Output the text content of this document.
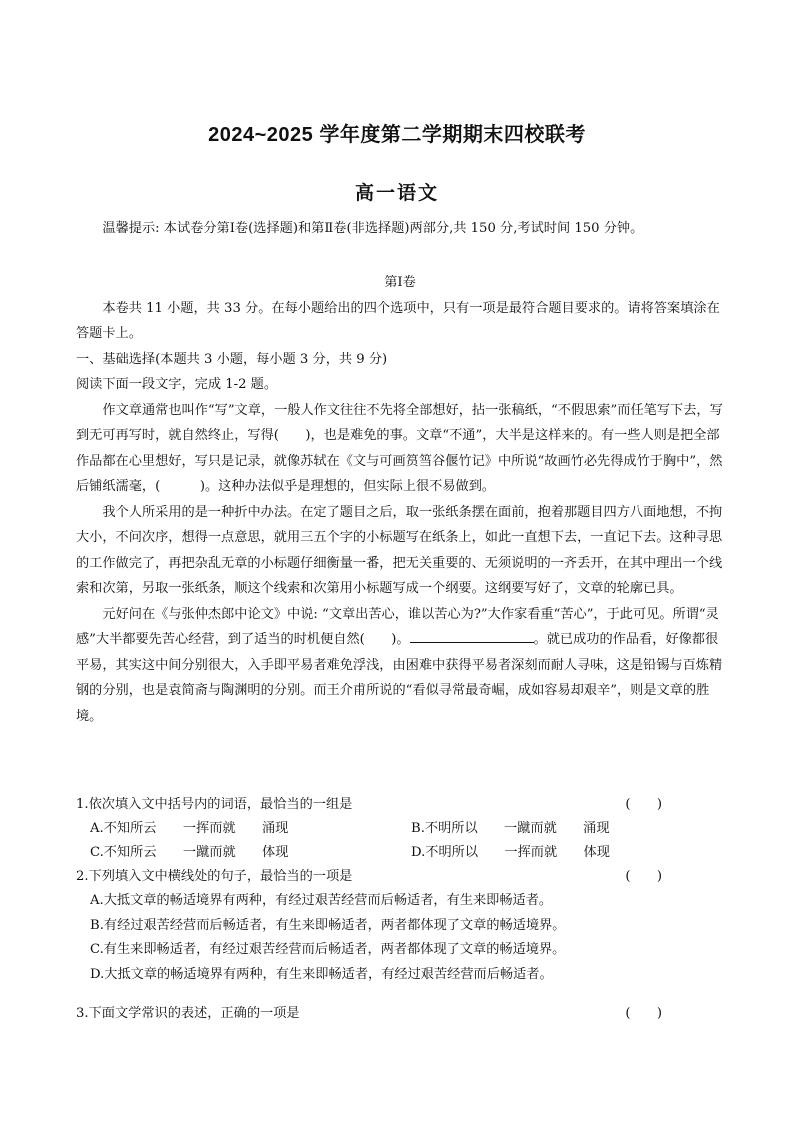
2024~2025 学年度第二学期期末四校联考
高一语文

温馨提示: 本试卷分第Ⅰ卷(选择题)和第Ⅱ卷(非选择题)两部分,共 150 分,考试时间 150 分钟。

第Ⅰ卷

本卷共 11 小题，共 33 分。在每小题给出的四个选项中，只有一项是最符合题目要求的。请将答案填涂在答题卡上。

一、基础选择(本题共 3 小题，每小题 3 分，共 9 分)

阅读下面一段文字，完成 1-2 题。

作文章通常也叫作“写”文章，一般人作文往往不先将全部想好，拈一张稿纸，“不假思索”而任笔写下去，写到无可再写时，就自然终止，写得(　　)，也是难免的事。文章“不通”，大半是这样来的。有一些人则是把全部作品都在心里想好，写只是记录，就像苏轼在《文与可画筼筜谷偃竹记》中所说“故画竹必先得成竹于胸中”，然后铺纸濡毫，(　　　)。这种办法似乎是理想的，但实际上很不易做到。

我个人所采用的是一种折中办法。在定了题目之后，取一张纸条摆在面前，抱着那题目四方八面地想，不拘大小，不问次序，想得一点意思，就用三五个字的小标题写在纸条上，如此一直想下去，一直记下去。这种寻思的工作做完了，再把杂乱无章的小标题仔细衡量一番，把无关重要的、无须说明的一齐丢开，在其中理出一个线索和次第，另取一张纸条，顺这个线索和次第用小标题写成一个纲要。这纲要写好了，文章的轮廓已具。

元好问在《与张仲杰郎中论文》中说: “文章出苦心，谁以苦心为?”大作家看重“苦心”，于此可见。所谓“灵感”大半都要先苦心经营，到了适当的时机便自然(　　)。	。就已成功的作品看，好像都很平易，其实这中间分别很大，入手即平易者难免浮浅，由困难中获得平易者深刻而耐人寻味，这是铅锡与百炼精钢的分别，也是袁简斋与陶渊明的分别。而王介甫所说的“看似寻常最奇崛，成如容易却艰辛”，则是文章的胜境。

1.依次填入文中括号内的词语，最恰当的一组是	(　　)
A.不知所云　　一挥而就　　涌现	B.不明所以　　一蹴而就　　涌现
C.不知所云　　一蹴而就　　体现	D.不明所以　　一挥而就　　体现
2.下列填入文中横线处的句子，最恰当的一项是	(　　)
A.大抵文章的畅适境界有两种，有经过艰苦经营而后畅适者，有生来即畅适者。
B.有经过艰苦经营而后畅适者，有生来即畅适者，两者都体现了文章的畅适境界。
C.有生来即畅适者，有经过艰苦经营而后畅适者，两者都体现了文章的畅适境界。
D.大抵文章的畅适境界有两种，有生来即畅适者，有经过艰苦经营而后畅适者。
3.下面文学常识的表述，正确的一项是	(　　)
